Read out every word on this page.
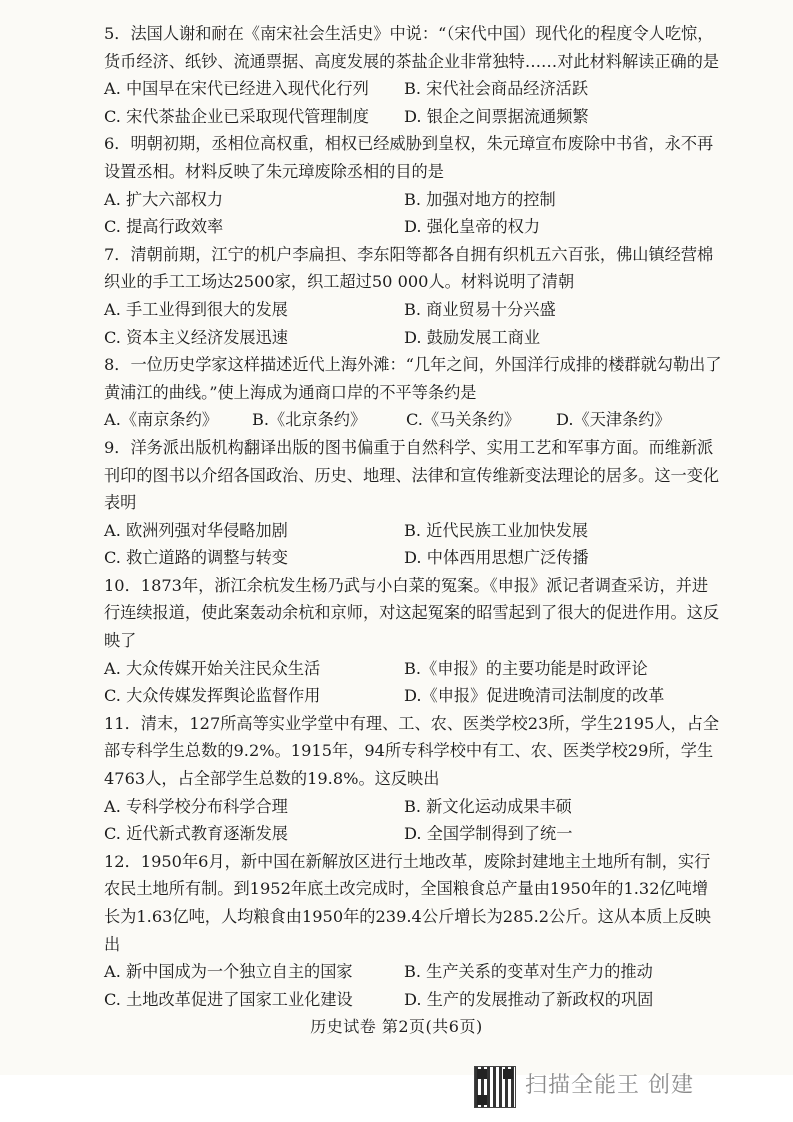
5．法国人谢和耐在《南宋社会生活史》中说：“（宋代中国）现代化的程度令人吃惊，货币经济、纸钞、流通票据、高度发展的茶盐企业非常独特……对此材料解读正确的是

A. 中国早在宋代已经进入现代化行列	B. 宋代社会商品经济活跃
C. 宋代茶盐企业已采取现代管理制度	D. 银企之间票据流通频繁

6．明朝初期，丞相位高权重，相权已经威胁到皇权，朱元璋宣布废除中书省，永不再设置丞相。材料反映了朱元璋废除丞相的目的是

A. 扩大六部权力	B. 加强对地方的控制
C. 提高行政效率	D. 强化皇帝的权力

7．清朝前期，江宁的机户李扁担、李东阳等都各自拥有织机五六百张，佛山镇经营棉织业的手工工场达2500家，织工超过50 000人。材料说明了清朝

A. 手工业得到很大的发展	B. 商业贸易十分兴盛
C. 资本主义经济发展迅速	D. 鼓励发展工商业

8．一位历史学家这样描述近代上海外滩：“几年之间，外国洋行成排的楼群就勾勒出了黄浦江的曲线。”使上海成为通商口岸的不平等条约是

A.《南京条约》	B.《北京条约》	C.《马关条约》	D.《天津条约》

9．洋务派出版机构翻译出版的图书偏重于自然科学、实用工艺和军事方面。而维新派刊印的图书以介绍各国政治、历史、地理、法律和宣传维新变法理论的居多。这一变化表明

A. 欧洲列强对华侵略加剧	B. 近代民族工业加快发展
C. 救亡道路的调整与转变	D. 中体西用思想广泛传播

10．1873年，浙江余杭发生杨乃武与小白菜的冤案。《申报》派记者调查采访，并进行连续报道，使此案轰动余杭和京师，对这起冤案的昭雪起到了很大的促进作用。这反映了

A. 大众传媒开始关注民众生活	B.《申报》的主要功能是时政评论
C. 大众传媒发挥舆论监督作用	D.《申报》促进晚清司法制度的改革

11．清末，127所高等实业学堂中有理、工、农、医类学校23所，学生2195人，占全部专科学生总数的9.2%。1915年，94所专科学校中有工、农、医类学校29所，学生4763人，占全部学生总数的19.8%。这反映出

A. 专科学校分布科学合理	B. 新文化运动成果丰硕
C. 近代新式教育逐渐发展	D. 全国学制得到了统一

12．1950年6月，新中国在新解放区进行土地改革，废除封建地主土地所有制，实行农民土地所有制。到1952年底土改完成时，全国粮食总产量由1950年的1.32亿吨增长为1.63亿吨，人均粮食由1950年的239.4公斤增长为285.2公斤。这从本质上反映出

A. 新中国成为一个独立自主的国家	B. 生产关系的变革对生产力的推动
C. 土地改革促进了国家工业化建设	D. 生产的发展推动了新政权的巩固
历史试卷 第2页(共6页)
扫描全能王 创建
